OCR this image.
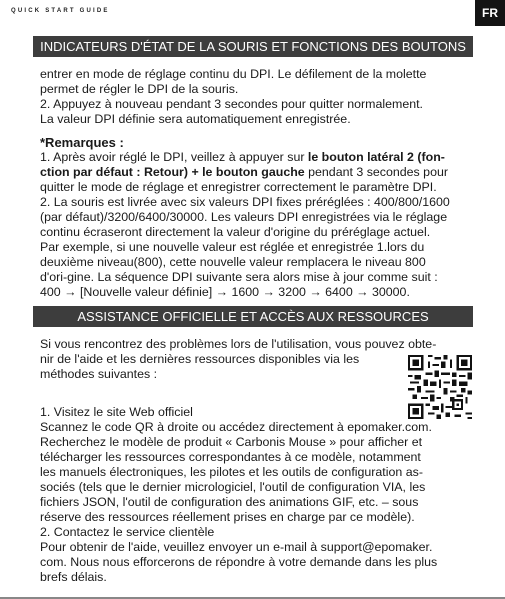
QUICK START GUIDE	FR
INDICATEURS D'ÉTAT DE LA SOURIS ET FONCTIONS DES BOUTONS

entrer en mode de réglage continu du DPI. Le défilement de la molette

permet de régler le DPI de la souris.

2. Appuyez à nouveau pendant 3 secondes pour quitter normalement.

La valeur DPI définie sera automatiquement enregistrée.

*Remarques :

1. Après avoir réglé le DPI, veillez à appuyer sur le bouton latéral 2 (fon-

ction par défaut : Retour) + le bouton gauche pendant 3 secondes pour

quitter le mode de réglage et enregistrer correctement le paramètre DPI.

2. La souris est livrée avec six valeurs DPI fixes préréglées : 400/800/1600

(par défaut)/3200/6400/30000. Les valeurs DPI enregistrées via le réglage

continu écraseront directement la valeur d'origine du préréglage actuel.

Par exemple, si une nouvelle valeur est réglée et enregistrée 1.lors du

deuxième niveau(800), cette nouvelle valeur remplacera le niveau 800

d'ori-gine. La séquence DPI suivante sera alors mise à jour comme suit :

400 → [Nouvelle valeur définie] → 1600 → 3200 → 6400 → 30000.

ASSISTANCE OFFICIELLE ET ACCÈS AUX RESSOURCES

Si vous rencontrez des problèmes lors de l'utilisation, vous pouvez obte-

nir de l'aide et les dernières ressources disponibles via les

méthodes suivantes :

1. Visitez le site Web officiel

Scannez le code QR à droite ou accédez directement à epomaker.com.

Recherchez le modèle de produit « Carbonis Mouse » pour afficher et

télécharger les ressources correspondantes à ce modèle, notamment

les manuels électroniques, les pilotes et les outils de configuration as-

sociés (tels que le dernier micrologiciel, l'outil de configuration VIA, les

fichiers JSON, l'outil de configuration des animations GIF, etc. – sous

réserve des ressources réellement prises en charge par ce modèle).

2. Contactez le service clientèle

Pour obtenir de l'aide, veuillez envoyer un e-mail à support@epomaker.

com. Nous nous efforcerons de répondre à votre demande dans les plus

brefs délais.
